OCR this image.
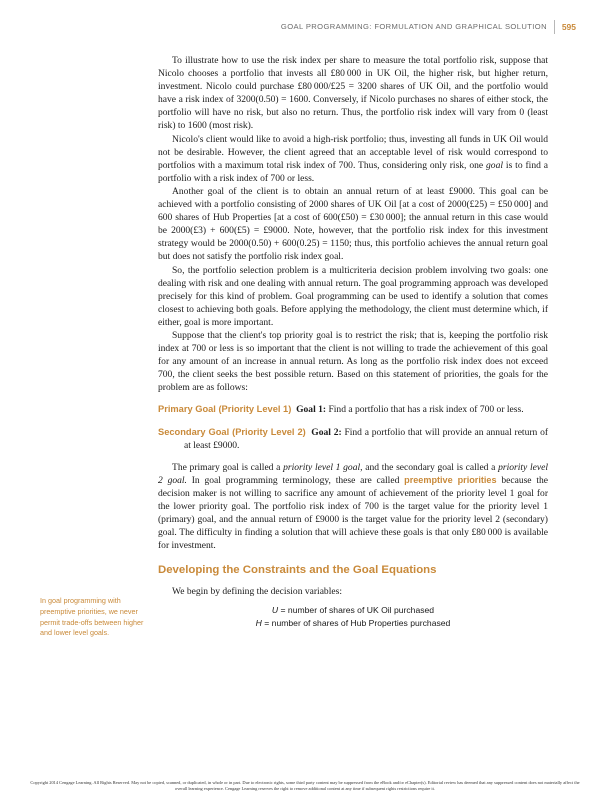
GOAL PROGRAMMING: FORMULATION AND GRAPHICAL SOLUTION 595

To illustrate how to use the risk index per share to measure the total portfolio risk, suppose that Nicolo chooses a portfolio that invests all £80 000 in UK Oil, the higher risk, but higher return, investment. Nicolo could purchase £80 000/£25 = 3200 shares of UK Oil, and the portfolio would have a risk index of 3200(0.50) = 1600. Conversely, if Nicolo purchases no shares of either stock, the portfolio will have no risk, but also no return. Thus, the portfolio risk index will vary from 0 (least risk) to 1600 (most risk).

Nicolo's client would like to avoid a high-risk portfolio; thus, investing all funds in UK Oil would not be desirable. However, the client agreed that an acceptable level of risk would correspond to portfolios with a maximum total risk index of 700. Thus, considering only risk, one goal is to find a portfolio with a risk index of 700 or less.

Another goal of the client is to obtain an annual return of at least £9000. This goal can be achieved with a portfolio consisting of 2000 shares of UK Oil [at a cost of 2000(£25) = £50 000] and 600 shares of Hub Properties [at a cost of 600(£50) = £30 000]; the annual return in this case would be 2000(£3) + 600(£5) = £9000. Note, however, that the portfolio risk index for this investment strategy would be 2000(0.50) + 600(0.25) = 1150; thus, this portfolio achieves the annual return goal but does not satisfy the portfolio risk index goal.

So, the portfolio selection problem is a multicriteria decision problem involving two goals: one dealing with risk and one dealing with annual return. The goal programming approach was developed precisely for this kind of problem. Goal programming can be used to identify a solution that comes closest to achieving both goals. Before applying the methodology, the client must determine which, if either, goal is more important.

Suppose that the client's top priority goal is to restrict the risk; that is, keeping the portfolio risk index at 700 or less is so important that the client is not willing to trade the achievement of this goal for any amount of an increase in annual return. As long as the portfolio risk index does not exceed 700, the client seeks the best possible return. Based on this statement of priorities, the goals for the problem are as follows:

Primary Goal (Priority Level 1) Goal 1: Find a portfolio that has a risk index of 700 or less.

Secondary Goal (Priority Level 2) Goal 2: Find a portfolio that will provide an annual return of at least £9000.

The primary goal is called a priority level 1 goal, and the secondary goal is called a priority level 2 goal. In goal programming terminology, these are called preemptive priorities because the decision maker is not willing to sacrifice any amount of achievement of the priority level 1 goal for the lower priority goal. The portfolio risk index of 700 is the target value for the priority level 1 (primary) goal, and the annual return of £9000 is the target value for the priority level 2 (secondary) goal. The difficulty in finding a solution that will achieve these goals is that only £80 000 is available for investment.

Developing the Constraints and the Goal Equations

We begin by defining the decision variables:

U = number of shares of UK Oil purchased
H = number of shares of Hub Properties purchased
In goal programming with preemptive priorities, we never permit trade-offs between higher and lower level goals.
Copyright 2014 Cengage Learning. All Rights Reserved. May not be copied, scanned, or duplicated, in whole or in part. Due to electronic rights, some third party content may be suppressed from the eBook and/or eChapter(s). Editorial review has deemed that any suppressed content does not materially affect the overall learning experience. Cengage Learning reserves the right to remove additional content at any time if subsequent rights restrictions require it.
